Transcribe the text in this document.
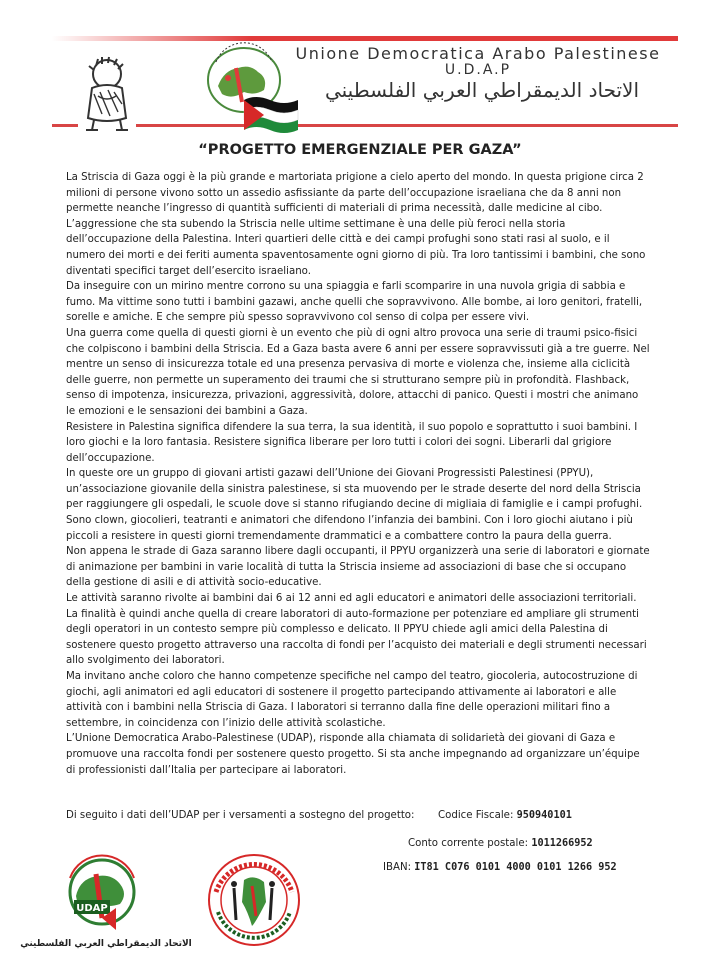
Unione Democratica Arabo Palestinese
U.D.A.P
الاتحاد الديمقراطي العربي الفلسطيني
“PROGETTO EMERGENZIALE PER GAZA”

La Striscia di Gaza oggi è la più grande e martoriata prigione a cielo aperto del mondo. In questa prigione circa 2 milioni di persone vivono sotto un assedio asfissiante da parte dell’occupazione israeliana che da 8 anni non permette neanche l’ingresso di quantità sufficienti di materiali di prima necessità, dalle medicine al cibo.

L’aggressione che sta subendo la Striscia nelle ultime settimane è una delle più feroci nella storia dell’occupazione della Palestina. Interi quartieri delle città e dei campi profughi sono stati rasi al suolo, e il numero dei morti e dei feriti aumenta spaventosamente ogni giorno di più. Tra loro tantissimi i bambini, che sono diventati specifici target dell’esercito israeliano.

Da inseguire con un mirino mentre corrono su una spiaggia e farli scomparire in una nuvola grigia di sabbia e fumo. Ma vittime sono tutti i bambini gazawi, anche quelli che sopravvivono. Alle bombe, ai loro genitori, fratelli, sorelle e amiche. E che sempre più spesso sopravvivono col senso di colpa per essere vivi.

Una guerra come quella di questi giorni è un evento che più di ogni altro provoca una serie di traumi psico-fisici che colpiscono i bambini della Striscia. Ed a Gaza basta avere 6 anni per essere sopravvissuti già a tre guerre. Nel mentre un senso di insicurezza totale ed una presenza pervasiva di morte e violenza che, insieme alla ciclicità delle guerre, non permette un superamento dei traumi che si strutturano sempre più in profondità. Flashback, senso di impotenza, insicurezza, privazioni, aggressività, dolore, attacchi di panico. Questi i mostri che animano le emozioni e le sensazioni dei bambini a Gaza.

Resistere in Palestina significa difendere la sua terra, la sua identità, il suo popolo e soprattutto i suoi bambini. I loro giochi e la loro fantasia. Resistere significa liberare per loro tutti i colori dei sogni. Liberarli dal grigiore dell’occupazione.

In queste ore un gruppo di giovani artisti gazawi dell’Unione dei Giovani Progressisti Palestinesi (PPYU), un’associazione giovanile della sinistra palestinese, si sta muovendo per le strade deserte del nord della Striscia per raggiungere gli ospedali, le scuole dove si stanno rifugiando decine di migliaia di famiglie e i campi profughi. Sono clown, giocolieri, teatranti e animatori che difendono l’infanzia dei bambini. Con i loro giochi aiutano i più piccoli a resistere in questi giorni tremendamente drammatici e a combattere contro la paura della guerra.

Non appena le strade di Gaza saranno libere dagli occupanti, il PPYU organizzerà una serie di laboratori e giornate di animazione per bambini in varie località di tutta la Striscia insieme ad associazioni di base che si occupano della gestione di asili e di attività socio-educative.

Le attività saranno rivolte ai bambini dai 6 ai 12 anni ed agli educatori e animatori delle associazioni territoriali. La finalità è quindi anche quella di creare laboratori di auto-formazione per potenziare ed ampliare gli strumenti degli operatori in un contesto sempre più complesso e delicato. Il PPYU chiede agli amici della Palestina di sostenere questo progetto attraverso una raccolta di fondi per l’acquisto dei materiali e degli strumenti necessari allo svolgimento dei laboratori.

Ma invitano anche coloro che hanno competenze specifiche nel campo del teatro, giocoleria, autocostruzione di giochi, agli animatori ed agli educatori di sostenere il progetto partecipando attivamente ai laboratori e alle attività con i bambini nella Striscia di Gaza. I laboratori si terranno dalla fine delle operazioni militari fino a settembre, in coincidenza con l’inizio delle attività scolastiche.

L’Unione Democratica Arabo-Palestinese (UDAP), risponde alla chiamata di solidarietà dei giovani di Gaza e promuove una raccolta fondi per sostenere questo progetto. Si sta anche impegnando ad organizzare un’équipe di professionisti dall’Italia per partecipare ai laboratori.

Di seguito i dati dell’UDAP per i versamenti a sostegno del progetto: Codice Fiscale: 950940101
Conto corrente postale: 1011266952
IBAN: IT81 C076 0101 4000 0101 1266 952
UDAP
الاتحاد الديمقراطي العربي الفلسطيني
